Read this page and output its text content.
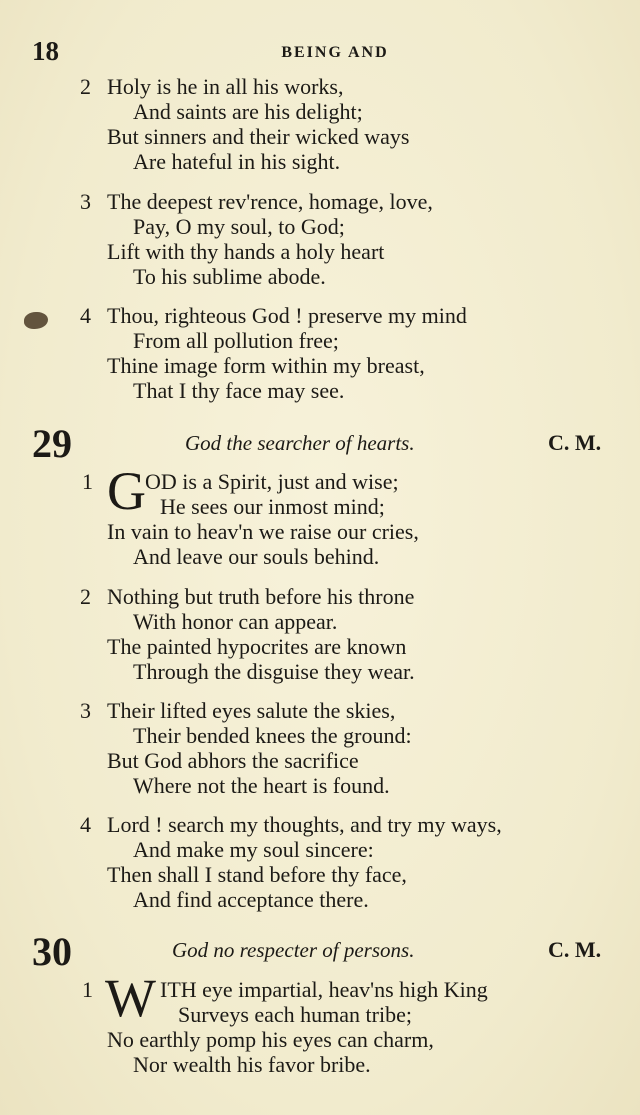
18	BEING AND
2 Holy is he in all his works,
And saints are his delight;
But sinners and their wicked ways
Are hateful in his sight.
3 The deepest rev'rence, homage, love,
Pay, O my soul, to God;
Lift with thy hands a holy heart
To his sublime abode.
4 Thou, righteous God ! preserve my mind
From all pollution free;
Thine image form within my breast,
That I thy face may see.
29	God the searcher of hearts.	C. M.
1 G OD is a Spirit, just and wise;
He sees our inmost mind;
In vain to heav'n we raise our cries,
And leave our souls behind.
2 Nothing but truth before his throne
With honor can appear.
The painted hypocrites are known
Through the disguise they wear.
3 Their lifted eyes salute the skies,
Their bended knees the ground:
But God abhors the sacrifice
Where not the heart is found.
4 Lord ! search my thoughts, and try my ways,
And make my soul sincere:
Then shall I stand before thy face,
And find acceptance there.
30	God no respecter of persons.	C. M.
1 W ITH eye impartial, heav'ns high King
Surveys each human tribe;
No earthly pomp his eyes can charm,
Nor wealth his favor bribe.
